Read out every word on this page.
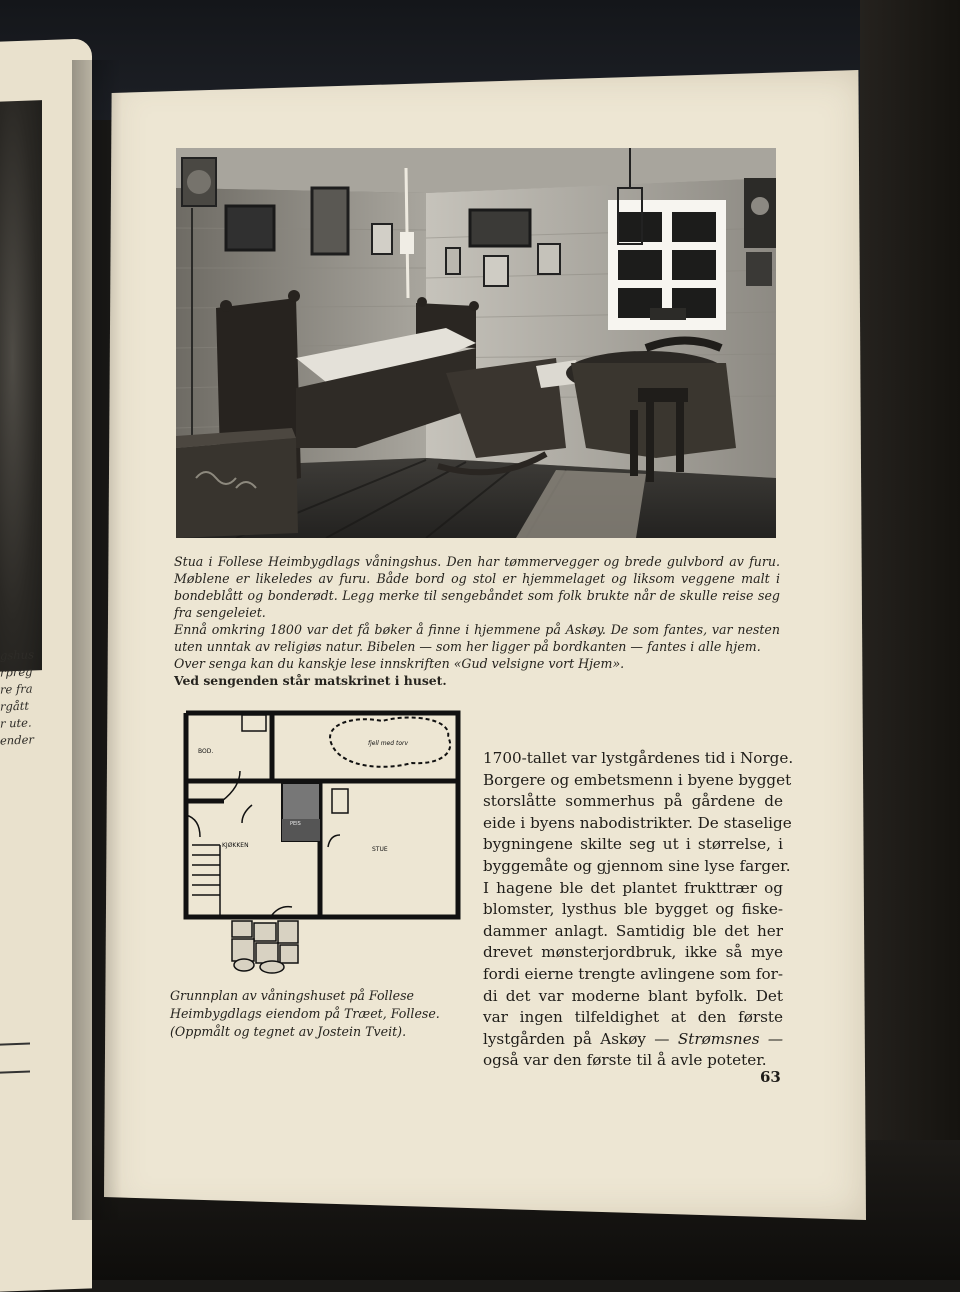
gshus
rpreg
re fra
rgått
r ute.
ender

Stua i Follese Heimbygdlags våningshus. Den har tømmervegger og brede gulvbord av furu. Møblene er likeledes av furu. Både bord og stol er hjemmelaget og liksom veggene malt i bondeblått og bonderødt. Legg merke til sengebåndet som folk brukte når de skulle reise seg fra sengeleiet.

Ennå omkring 1800 var det få bøker å finne i hjemmene på Askøy. De som fantes, var nesten uten unntak av religiøs natur. Bibelen — som her ligger på bordkanten — fantes i alle hjem.

Over senga kan du kanskje lese innskriften «Gud velsigne vort Hjem».

Ved sengenden står matskrinet i huset.

BOD.
STUE
KJØKKEN
PEIS
fjell med torv
Grunnplan av våningshuset på Follese
Heimbygdlags eiendom på Træet, Follese.
(Oppmålt og tegnet av Jostein Tveit).
1700-tallet var lystgårdenes tid i Norge.
Borgere og embetsmenn i byene bygget
storslåtte sommerhus på gårdene de
eide i byens nabodistrikter. De staselige
bygningene skilte seg ut i størrelse, i
byggemåte og gjennom sine lyse farger.
I hagene ble det plantet frukttrær og
blomster, lysthus ble bygget og fiske-
dammer anlagt. Samtidig ble det her
drevet mønsterjordbruk, ikke så mye
fordi eierne trengte avlingene som for-
di det var moderne blant byfolk. Det
var ingen tilfeldighet at den første
lystgården på Askøy — Strømsnes —
også var den første til å avle poteter.
63
